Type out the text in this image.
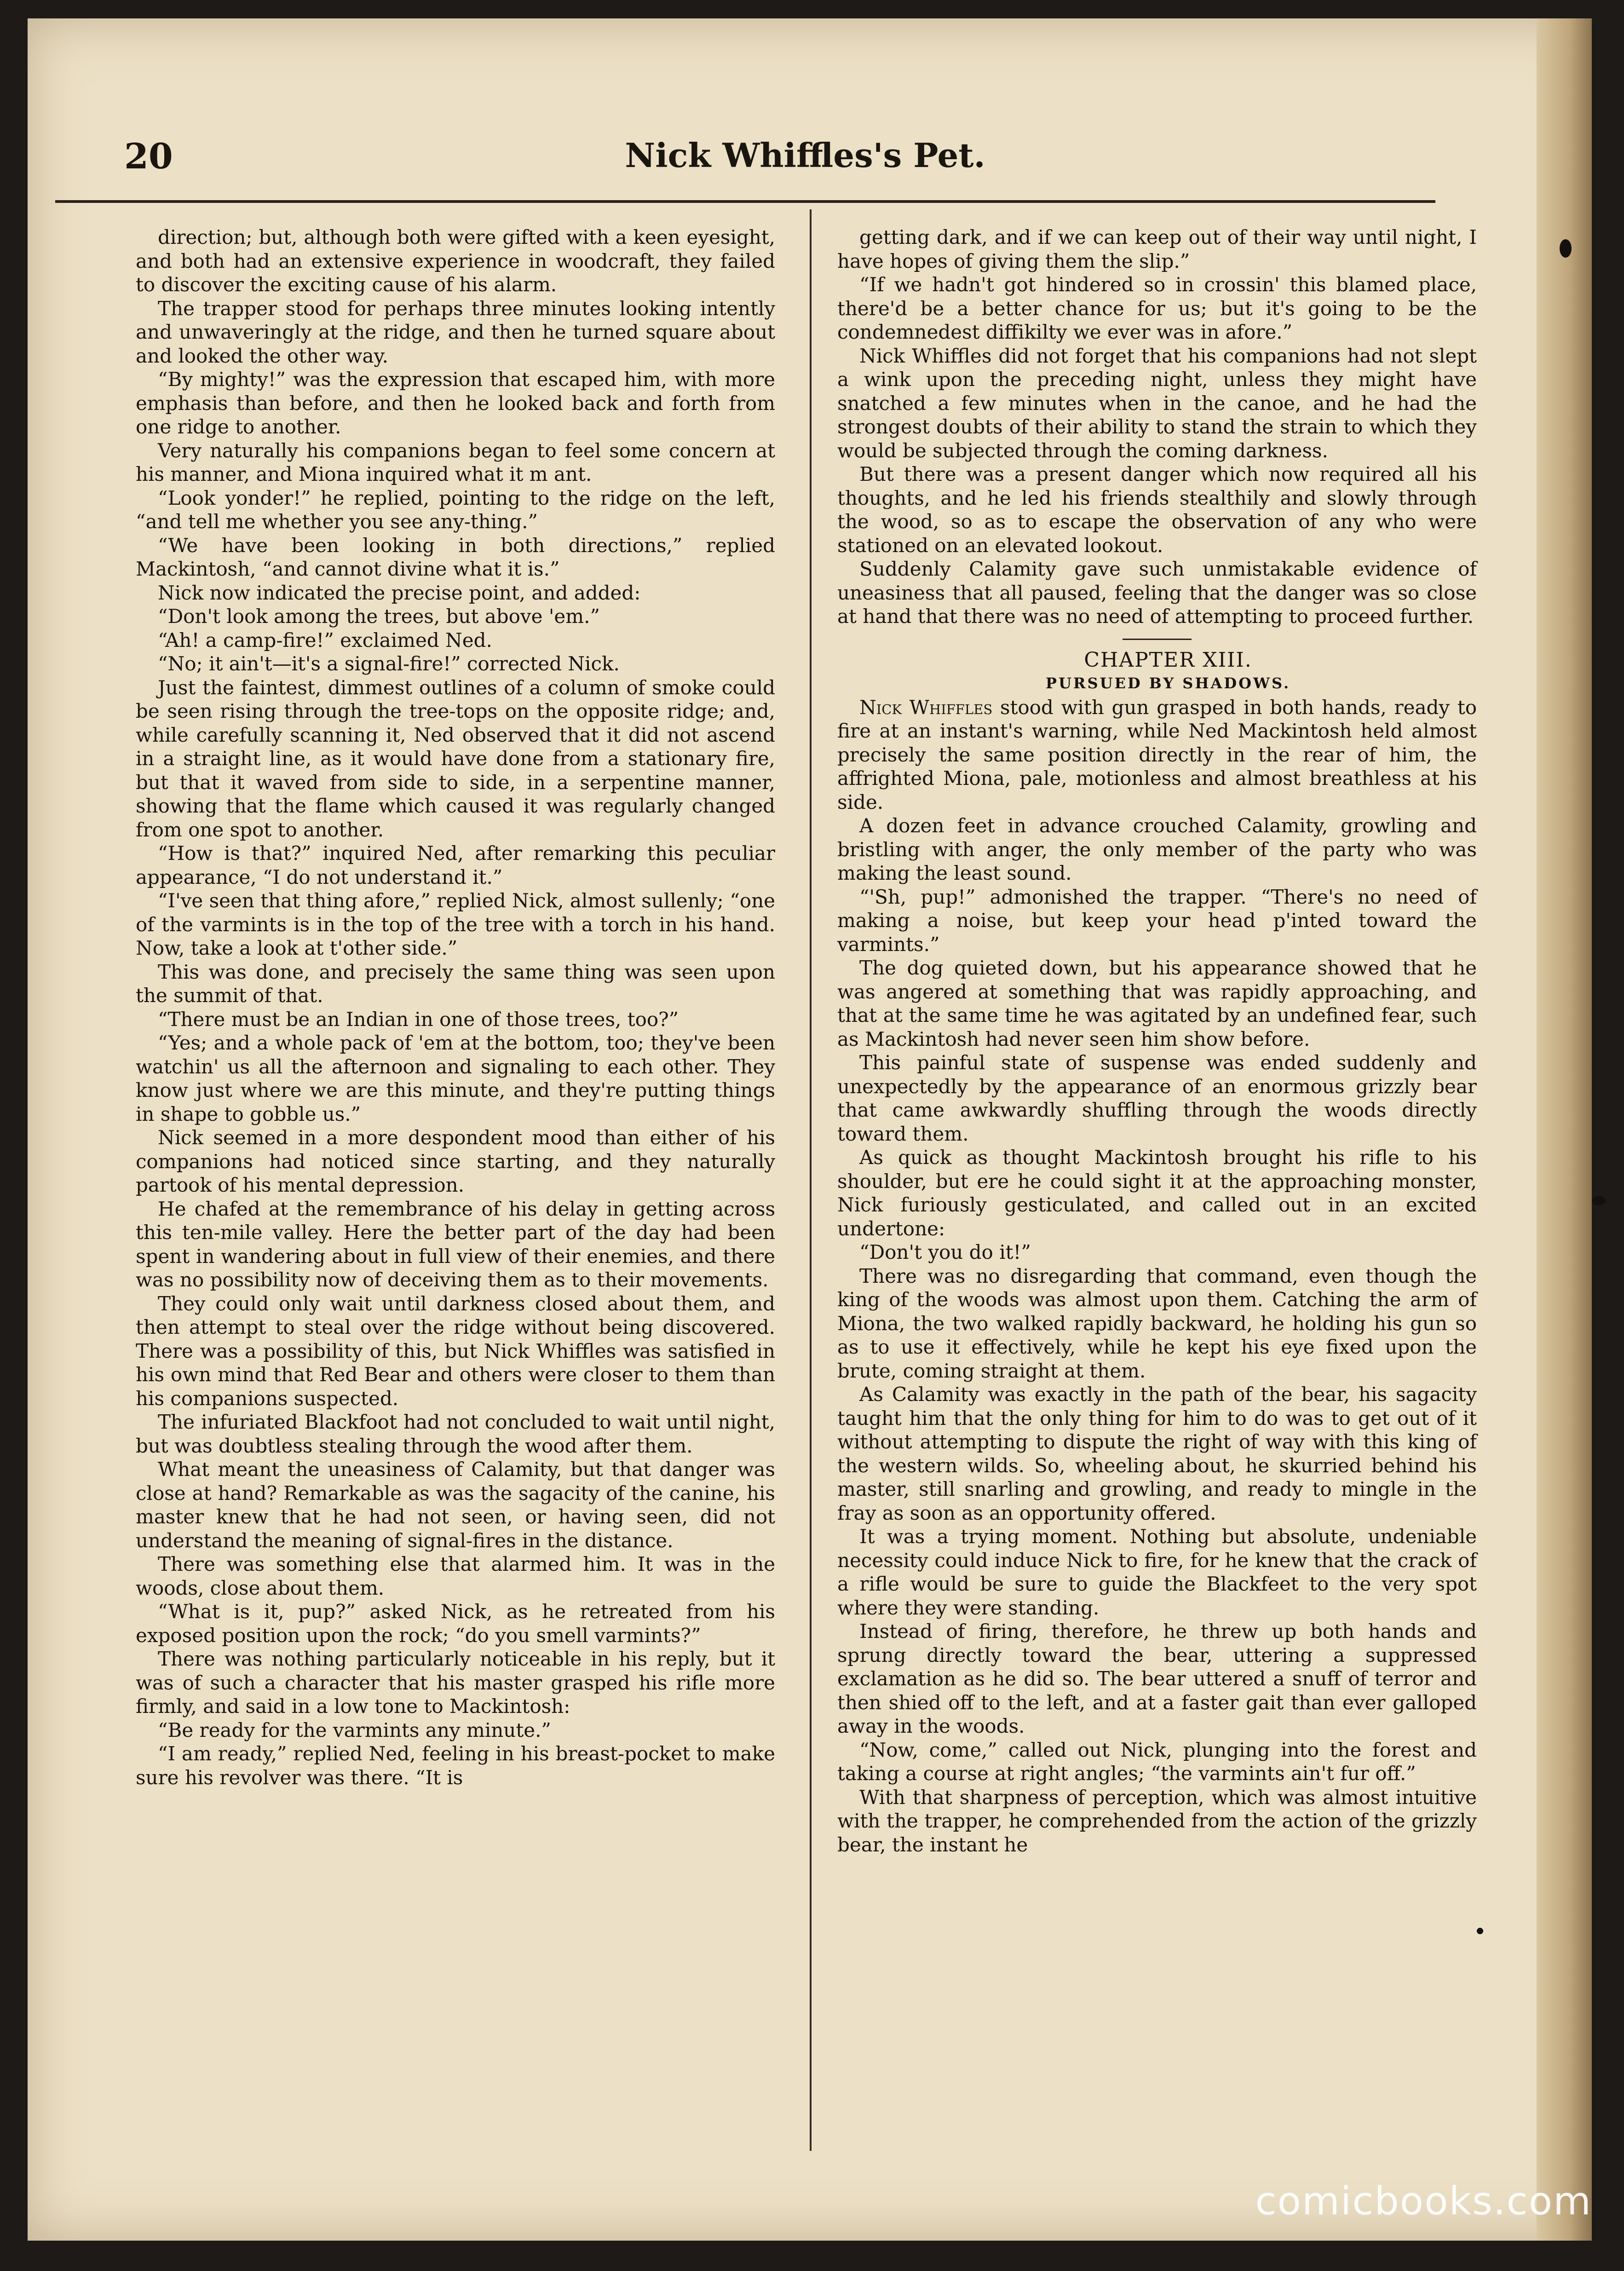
20	Nick Whiffles's Pet.

direction; but, although both were gifted with a keen eyesight, and both had an extensive experience in woodcraft, they failed to discover the exciting cause of his alarm.

The trapper stood for perhaps three minutes looking intently and unwaveringly at the ridge, and then he turned square about and looked the other way.

“By mighty!” was the expression that escaped him, with more emphasis than before, and then he looked back and forth from one ridge to another.

Very naturally his companions began to feel some concern at his manner, and Miona inquired what it m ant.

“Look yonder!” he replied, pointing to the ridge on the left, “and tell me whether you see any-thing.”

“We have been looking in both directions,” replied Mackintosh, “and cannot divine what it is.”

Nick now indicated the precise point, and added:

“Don't look among the trees, but above 'em.”

“Ah! a camp-fire!” exclaimed Ned.

“No; it ain't—it's a signal-fire!” corrected Nick.

Just the faintest, dimmest outlines of a column of smoke could be seen rising through the tree-tops on the opposite ridge; and, while carefully scanning it, Ned observed that it did not ascend in a straight line, as it would have done from a stationary fire, but that it waved from side to side, in a serpentine manner, showing that the flame which caused it was regularly changed from one spot to another.

“How is that?” inquired Ned, after remarking this peculiar appearance, “I do not understand it.”

“I've seen that thing afore,” replied Nick, almost sullenly; “one of the varmints is in the top of the tree with a torch in his hand. Now, take a look at t'other side.”

This was done, and precisely the same thing was seen upon the summit of that.

“There must be an Indian in one of those trees, too?”

“Yes; and a whole pack of 'em at the bottom, too; they've been watchin' us all the afternoon and signaling to each other. They know just where we are this minute, and they're putting things in shape to gobble us.”

Nick seemed in a more despondent mood than either of his companions had noticed since starting, and they naturally partook of his mental depression.

He chafed at the remembrance of his delay in getting across this ten-mile valley. Here the better part of the day had been spent in wandering about in full view of their enemies, and there was no possibility now of deceiving them as to their movements.

They could only wait until darkness closed about them, and then attempt to steal over the ridge without being discovered. There was a possibility of this, but Nick Whiffles was satisfied in his own mind that Red Bear and others were closer to them than his companions suspected.

The infuriated Blackfoot had not concluded to wait until night, but was doubtless stealing through the wood after them.

What meant the uneasiness of Calamity, but that danger was close at hand? Remarkable as was the sagacity of the canine, his master knew that he had not seen, or having seen, did not understand the meaning of signal-fires in the distance.

There was something else that alarmed him. It was in the woods, close about them.

“What is it, pup?” asked Nick, as he retreated from his exposed position upon the rock; “do you smell varmints?”

There was nothing particularly noticeable in his reply, but it was of such a character that his master grasped his rifle more firmly, and said in a low tone to Mackintosh:

“Be ready for the varmints any minute.”

“I am ready,” replied Ned, feeling in his breast-pocket to make sure his revolver was there. “It is

getting dark, and if we can keep out of their way until night, I have hopes of giving them the slip.”

“If we hadn't got hindered so in crossin' this blamed place, there'd be a better chance for us; but it's going to be the condemnedest diffikilty we ever was in afore.”

Nick Whiffles did not forget that his companions had not slept a wink upon the preceding night, unless they might have snatched a few minutes when in the canoe, and he had the strongest doubts of their ability to stand the strain to which they would be subjected through the coming darkness.

But there was a present danger which now required all his thoughts, and he led his friends stealthily and slowly through the wood, so as to escape the observation of any who were stationed on an elevated lookout.

Suddenly Calamity gave such unmistakable evidence of uneasiness that all paused, feeling that the danger was so close at hand that there was no need of attempting to proceed further.

CHAPTER XIII.

PURSUED BY SHADOWS.

Nick Whiffles stood with gun grasped in both hands, ready to fire at an instant's warning, while Ned Mackintosh held almost precisely the same position directly in the rear of him, the affrighted Miona, pale, motionless and almost breathless at his side.

A dozen feet in advance crouched Calamity, growling and bristling with anger, the only member of the party who was making the least sound.

“'Sh, pup!” admonished the trapper. “There's no need of making a noise, but keep your head p'inted toward the varmints.”

The dog quieted down, but his appearance showed that he was angered at something that was rapidly approaching, and that at the same time he was agitated by an undefined fear, such as Mackintosh had never seen him show before.

This painful state of suspense was ended suddenly and unexpectedly by the appearance of an enormous grizzly bear that came awkwardly shuffling through the woods directly toward them.

As quick as thought Mackintosh brought his rifle to his shoulder, but ere he could sight it at the approaching monster, Nick furiously gesticulated, and called out in an excited undertone:

“Don't you do it!”

There was no disregarding that command, even though the king of the woods was almost upon them. Catching the arm of Miona, the two walked rapidly backward, he holding his gun so as to use it effectively, while he kept his eye fixed upon the brute, coming straight at them.

As Calamity was exactly in the path of the bear, his sagacity taught him that the only thing for him to do was to get out of it without attempting to dispute the right of way with this king of the western wilds. So, wheeling about, he skurried behind his master, still snarling and growling, and ready to mingle in the fray as soon as an opportunity offered.

It was a trying moment. Nothing but absolute, undeniable necessity could induce Nick to fire, for he knew that the crack of a rifle would be sure to guide the Blackfeet to the very spot where they were standing.

Instead of firing, therefore, he threw up both hands and sprung directly toward the bear, uttering a suppressed exclamation as he did so. The bear uttered a snuff of terror and then shied off to the left, and at a faster gait than ever galloped away in the woods.

“Now, come,” called out Nick, plunging into the forest and taking a course at right angles; “the varmints ain't fur off.”

With that sharpness of perception, which was almost intuitive with the trapper, he comprehended from the action of the grizzly bear, the instant he

comicbooks.com
